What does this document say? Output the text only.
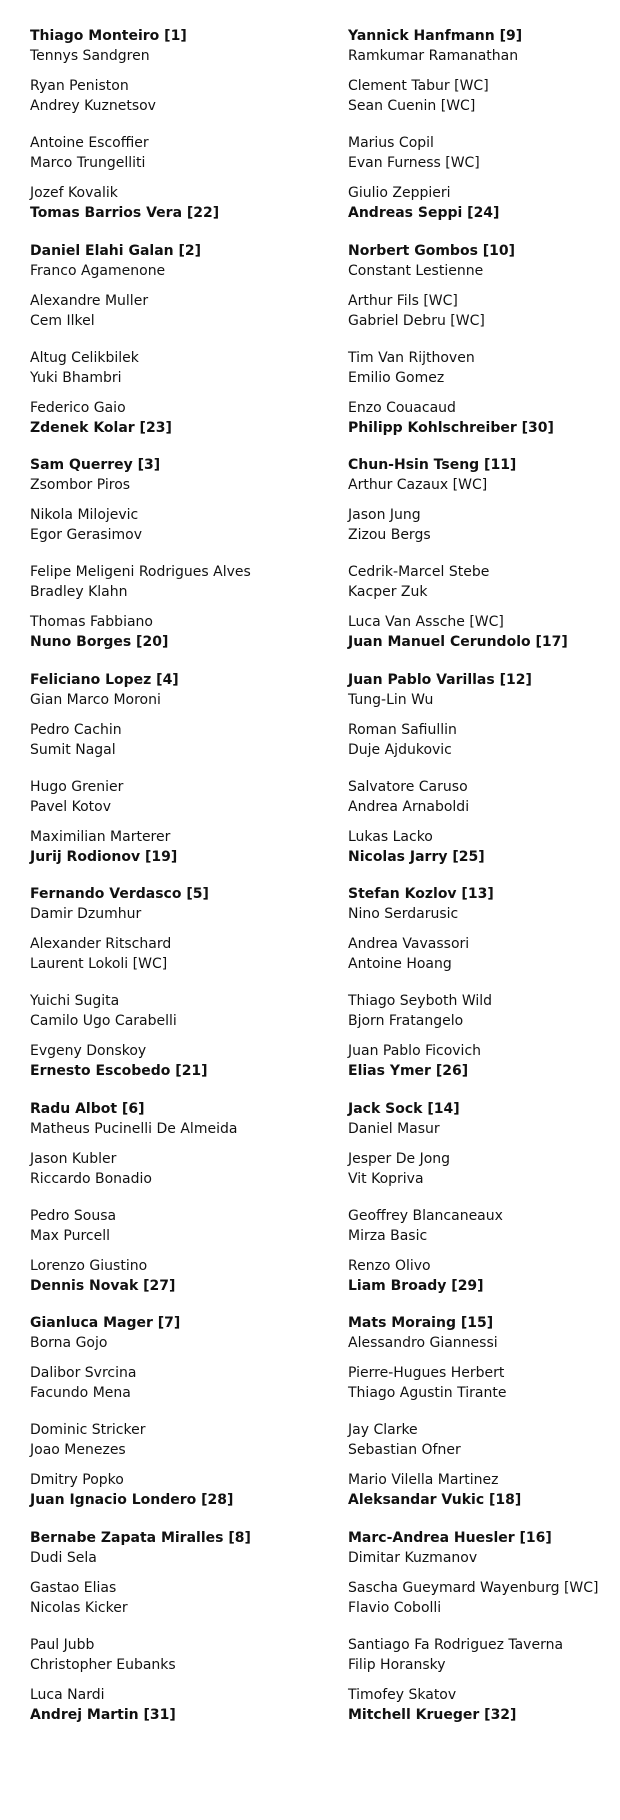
Thiago Monteiro [1]
Tennys Sandgren
Ryan Peniston
Andrey Kuznetsov
Antoine Escoffier
Marco Trungelliti
Jozef Kovalik
Tomas Barrios Vera [22]
Daniel Elahi Galan [2]
Franco Agamenone
Alexandre Muller
Cem Ilkel
Altug Celikbilek
Yuki Bhambri
Federico Gaio
Zdenek Kolar [23]
Sam Querrey [3]
Zsombor Piros
Nikola Milojevic
Egor Gerasimov
Felipe Meligeni Rodrigues Alves
Bradley Klahn
Thomas Fabbiano
Nuno Borges [20]
Feliciano Lopez [4]
Gian Marco Moroni
Pedro Cachin
Sumit Nagal
Hugo Grenier
Pavel Kotov
Maximilian Marterer
Jurij Rodionov [19]
Fernando Verdasco [5]
Damir Dzumhur
Alexander Ritschard
Laurent Lokoli [WC]
Yuichi Sugita
Camilo Ugo Carabelli
Evgeny Donskoy
Ernesto Escobedo [21]
Radu Albot [6]
Matheus Pucinelli De Almeida
Jason Kubler
Riccardo Bonadio
Pedro Sousa
Max Purcell
Lorenzo Giustino
Dennis Novak [27]
Gianluca Mager [7]
Borna Gojo
Dalibor Svrcina
Facundo Mena
Dominic Stricker
Joao Menezes
Dmitry Popko
Juan Ignacio Londero [28]
Bernabe Zapata Miralles [8]
Dudi Sela
Gastao Elias
Nicolas Kicker
Paul Jubb
Christopher Eubanks
Luca Nardi
Andrej Martin [31]
Yannick Hanfmann [9]
Ramkumar Ramanathan
Clement Tabur [WC]
Sean Cuenin [WC]
Marius Copil
Evan Furness [WC]
Giulio Zeppieri
Andreas Seppi [24]
Norbert Gombos [10]
Constant Lestienne
Arthur Fils [WC]
Gabriel Debru [WC]
Tim Van Rijthoven
Emilio Gomez
Enzo Couacaud
Philipp Kohlschreiber [30]
Chun-Hsin Tseng [11]
Arthur Cazaux [WC]
Jason Jung
Zizou Bergs
Cedrik-Marcel Stebe
Kacper Zuk
Luca Van Assche [WC]
Juan Manuel Cerundolo [17]
Juan Pablo Varillas [12]
Tung-Lin Wu
Roman Safiullin
Duje Ajdukovic
Salvatore Caruso
Andrea Arnaboldi
Lukas Lacko
Nicolas Jarry [25]
Stefan Kozlov [13]
Nino Serdarusic
Andrea Vavassori
Antoine Hoang
Thiago Seyboth Wild
Bjorn Fratangelo
Juan Pablo Ficovich
Elias Ymer [26]
Jack Sock [14]
Daniel Masur
Jesper De Jong
Vit Kopriva
Geoffrey Blancaneaux
Mirza Basic
Renzo Olivo
Liam Broady [29]
Mats Moraing [15]
Alessandro Giannessi
Pierre-Hugues Herbert
Thiago Agustin Tirante
Jay Clarke
Sebastian Ofner
Mario Vilella Martinez
Aleksandar Vukic [18]
Marc-Andrea Huesler [16]
Dimitar Kuzmanov
Sascha Gueymard Wayenburg [WC]
Flavio Cobolli
Santiago Fa Rodriguez Taverna
Filip Horansky
Timofey Skatov
Mitchell Krueger [32]
